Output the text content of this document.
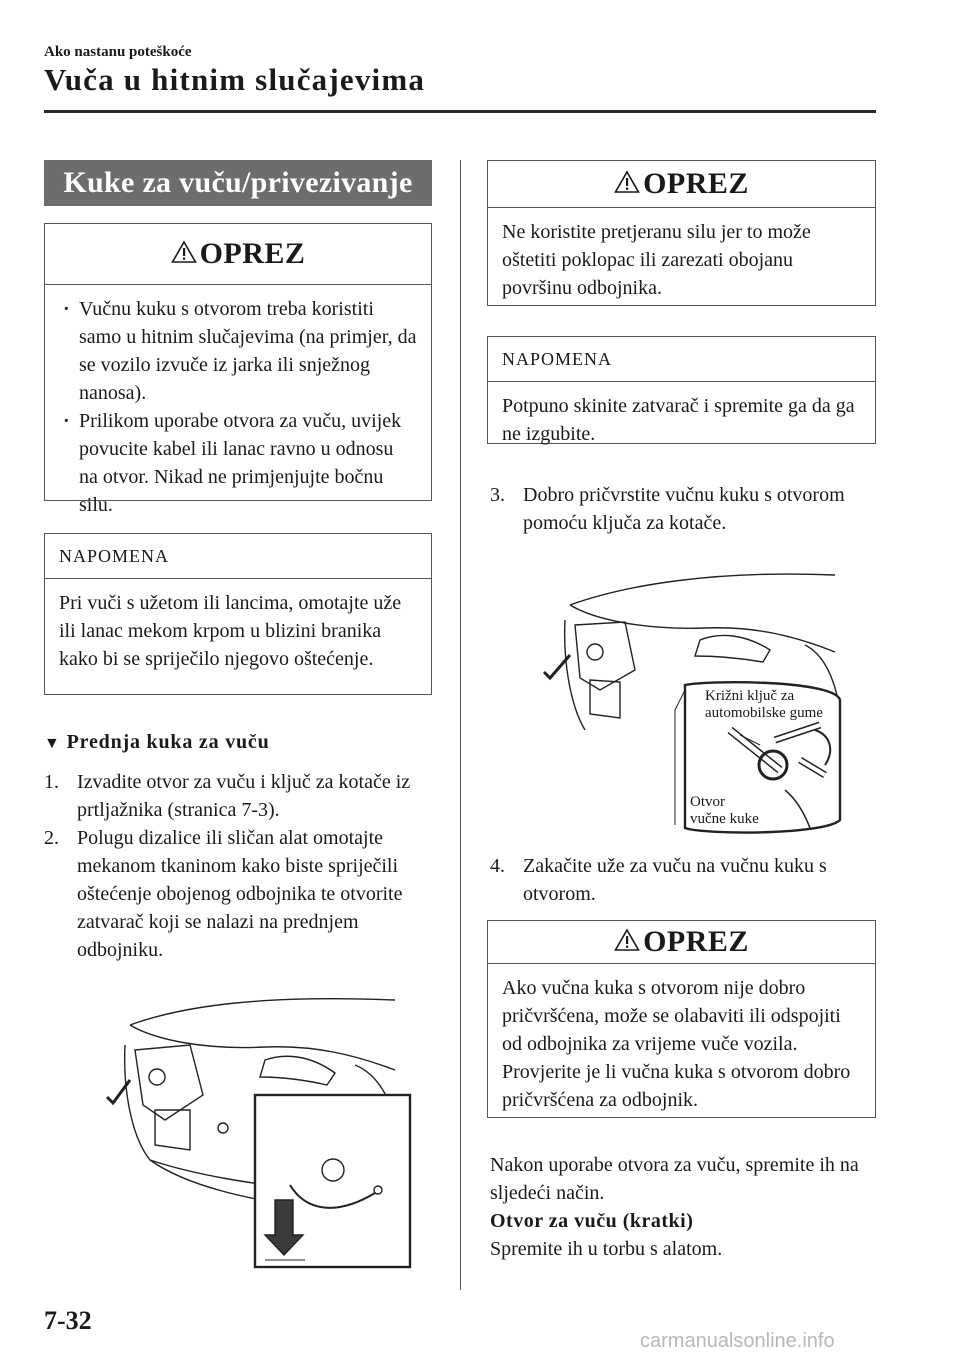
Ako nastanu poteškoće
Vuča u hitnim slučajevima
Kuke za vuču/privezivanje
OPREZ
· Vučnu kuku s otvorom treba koristiti samo u hitnim slučajevima (na primjer, da se vozilo izvuče iz jarka ili snježnog nanosa).
· Prilikom uporabe otvora za vuču, uvijek povucite kabel ili lanac ravno u odnosu na otvor. Nikad ne primjenjujte bočnu silu.
NAPOMENA

Pri vuči s užetom ili lancima, omotajte uže ili lanac mekom krpom u blizini branika kako bi se spriječilo njegovo oštećenje.

▼ Prednja kuka za vuču
1. Izvadite otvor za vuču i ključ za kotače iz prtljažnika (stranica 7-3).
2. Polugu dizalice ili sličan alat omotajte mekanom tkaninom kako biste spriječili oštećenje obojenog odbojnika te otvorite zatvarač koji se nalazi na prednjem odbojniku.
OPREZ

Ne koristite pretjeranu silu jer to može oštetiti poklopac ili zarezati obojanu površinu odbojnika.

NAPOMENA

Potpuno skinite zatvarač i spremite ga da ga ne izgubite.

3. Dobro pričvrstite vučnu kuku s otvorom pomoću ključa za kotače.
Križni ključ za automobilske gume
Otvor vučne kuke
4. Zakačite uže za vuču na vučnu kuku s otvorom.
OPREZ

Ako vučna kuka s otvorom nije dobro pričvršćena, može se olabaviti ili odspojiti od odbojnika za vrijeme vuče vozila. Provjerite je li vučna kuka s otvorom dobro pričvršćena za odbojnik.

Nakon uporabe otvora za vuču, spremite ih na sljedeći način.
Otvor za vuču (kratki)
Spremite ih u torbu s alatom.
7-32
carmanualsonline.info
